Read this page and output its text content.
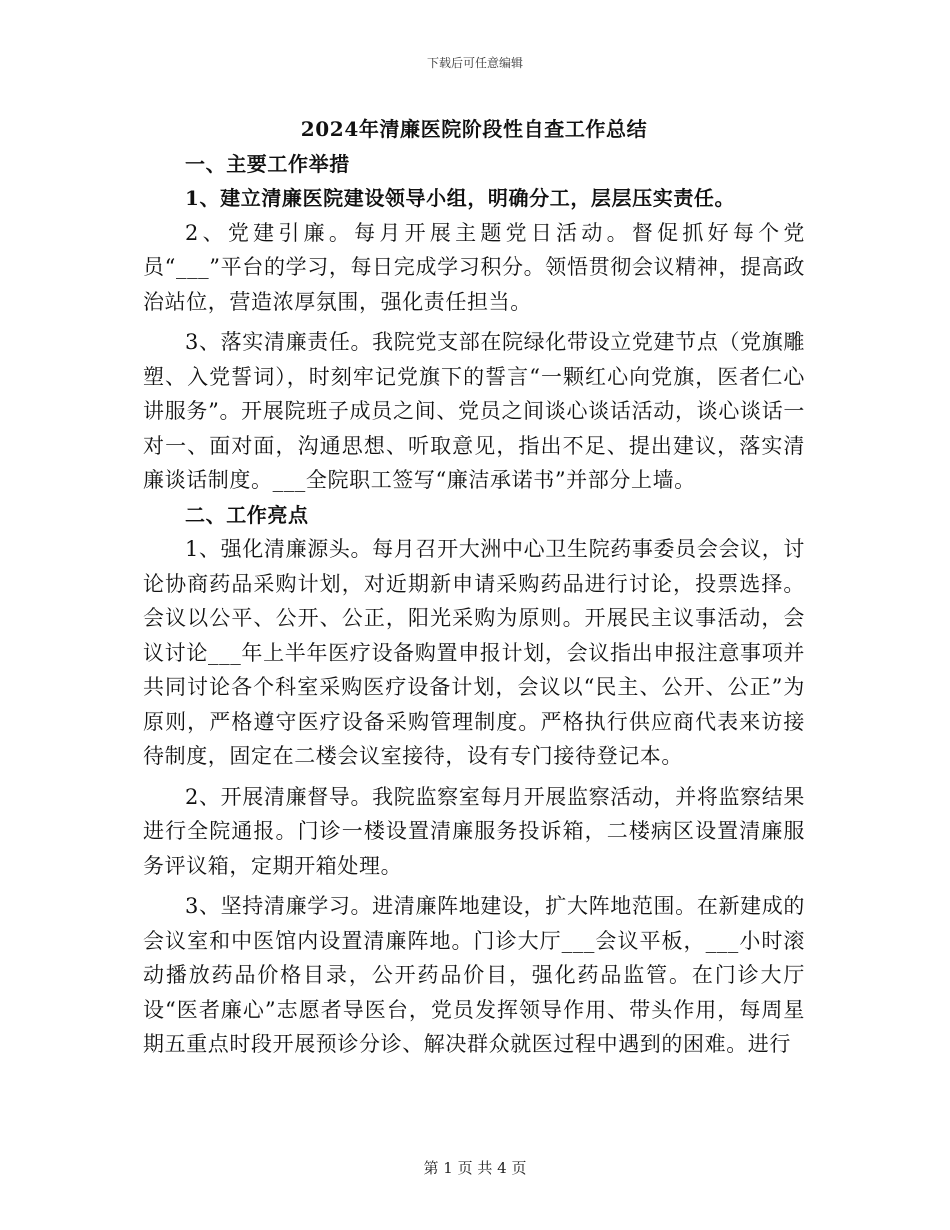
下载后可任意编辑

2024年清廉医院阶段性自查工作总结

一、主要工作举措

1、建立清廉医院建设领导小组，明确分工，层层压实责任。

2、党建引廉。每月开展主题党日活动。督促抓好每个党员“___”平台的学习，每日完成学习积分。领悟贯彻会议精神，提高政治站位，营造浓厚氛围，强化责任担当。

3、落实清廉责任。我院党支部在院绿化带设立党建节点（党旗雕塑、入党誓词），时刻牢记党旗下的誓言“一颗红心向党旗，医者仁心讲服务”。开展院班子成员之间、党员之间谈心谈话活动，谈心谈话一对一、面对面，沟通思想、听取意见，指出不足、提出建议，落实清廉谈话制度。___全院职工签写“廉洁承诺书”并部分上墙。

二、工作亮点

1、强化清廉源头。每月召开大洲中心卫生院药事委员会会议，讨论协商药品采购计划，对近期新申请采购药品进行讨论，投票选择。会议以公平、公开、公正，阳光采购为原则。开展民主议事活动，会议讨论___年上半年医疗设备购置申报计划，会议指出申报注意事项并共同讨论各个科室采购医疗设备计划，会议以“民主、公开、公正”为原则，严格遵守医疗设备采购管理制度。严格执行供应商代表来访接待制度，固定在二楼会议室接待，设有专门接待登记本。

2、开展清廉督导。我院监察室每月开展监察活动，并将监察结果进行全院通报。门诊一楼设置清廉服务投诉箱，二楼病区设置清廉服务评议箱，定期开箱处理。

3、坚持清廉学习。进清廉阵地建设，扩大阵地范围。在新建成的会议室和中医馆内设置清廉阵地。门诊大厅___会议平板，___小时滚动播放药品价格目录，公开药品价目，强化药品监管。在门诊大厅设“医者廉心”志愿者导医台，党员发挥领导作用、带头作用，每周星期五重点时段开展预诊分诊、解决群众就医过程中遇到的困难。进行

第 1 页 共 4 页
